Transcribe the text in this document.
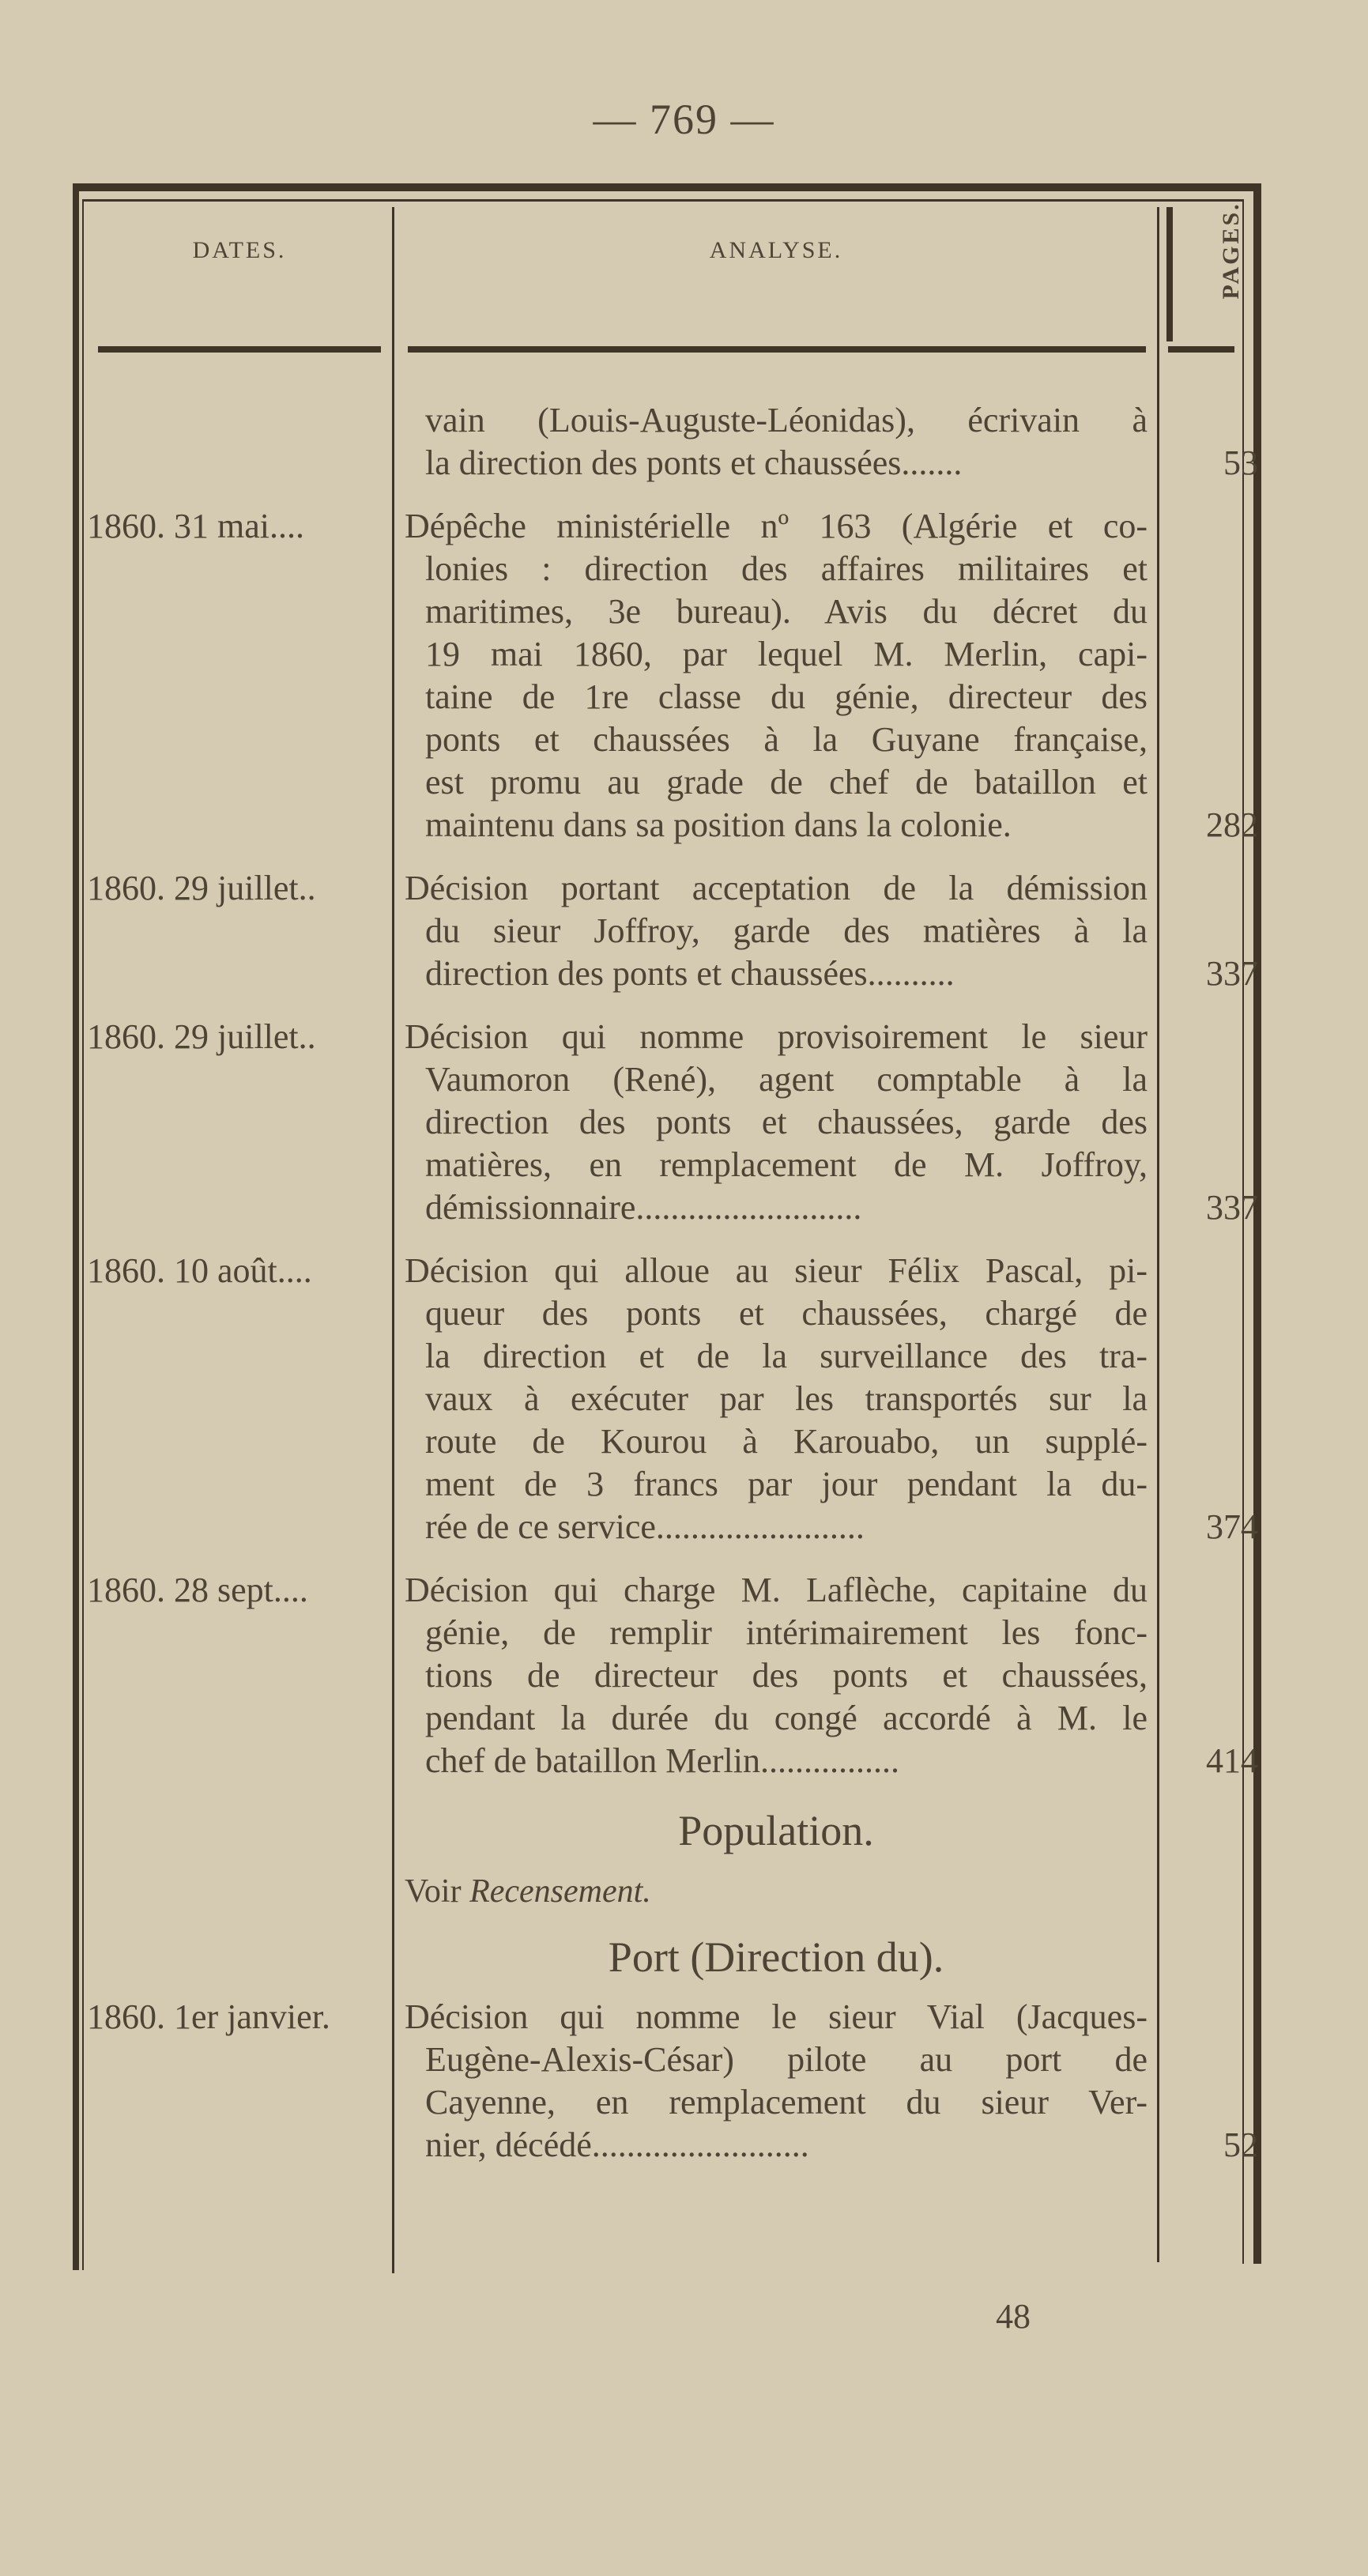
— 769 —
DATES.	ANALYSE.	PAGES.
vain (Louis-Auguste-Léonidas), écrivain à
la direction des ponts et chaussées.......	53
1860. 31 mai....	Dépêche ministérielle nº 163 (Algérie et co-
lonies : direction des affaires militaires et
maritimes, 3e bureau). Avis du décret du
19 mai 1860, par lequel M. Merlin, capi-
taine de 1re classe du génie, directeur des
ponts et chaussées à la Guyane française,
est promu au grade de chef de bataillon et
maintenu dans sa position dans la colonie.	282
1860. 29 juillet..	Décision portant acceptation de la démission
du sieur Joffroy, garde des matières à la
direction des ponts et chaussées..........	337
1860. 29 juillet..	Décision qui nomme provisoirement le sieur
Vaumoron (René), agent comptable à la
direction des ponts et chaussées, garde des
matières, en remplacement de M. Joffroy,
démissionnaire..........................	337
1860. 10 août....	Décision qui alloue au sieur Félix Pascal, pi-
queur des ponts et chaussées, chargé de
la direction et de la surveillance des tra-
vaux à exécuter par les transportés sur la
route de Kourou à Karouabo, un supplé-
ment de 3 francs par jour pendant la du-
rée de ce service........................	374
1860. 28 sept....	Décision qui charge M. Laflèche, capitaine du
génie, de remplir intérimairement les fonc-
tions de directeur des ponts et chaussées,
pendant la durée du congé accordé à M. le
chef de bataillon Merlin................	414
Population.
Voir Recensement.
Port (Direction du).
1860. 1er janvier.	Décision qui nomme le sieur Vial (Jacques-
Eugène-Alexis-César) pilote au port de
Cayenne, en remplacement du sieur Ver-
nier, décédé.........................	52
48
